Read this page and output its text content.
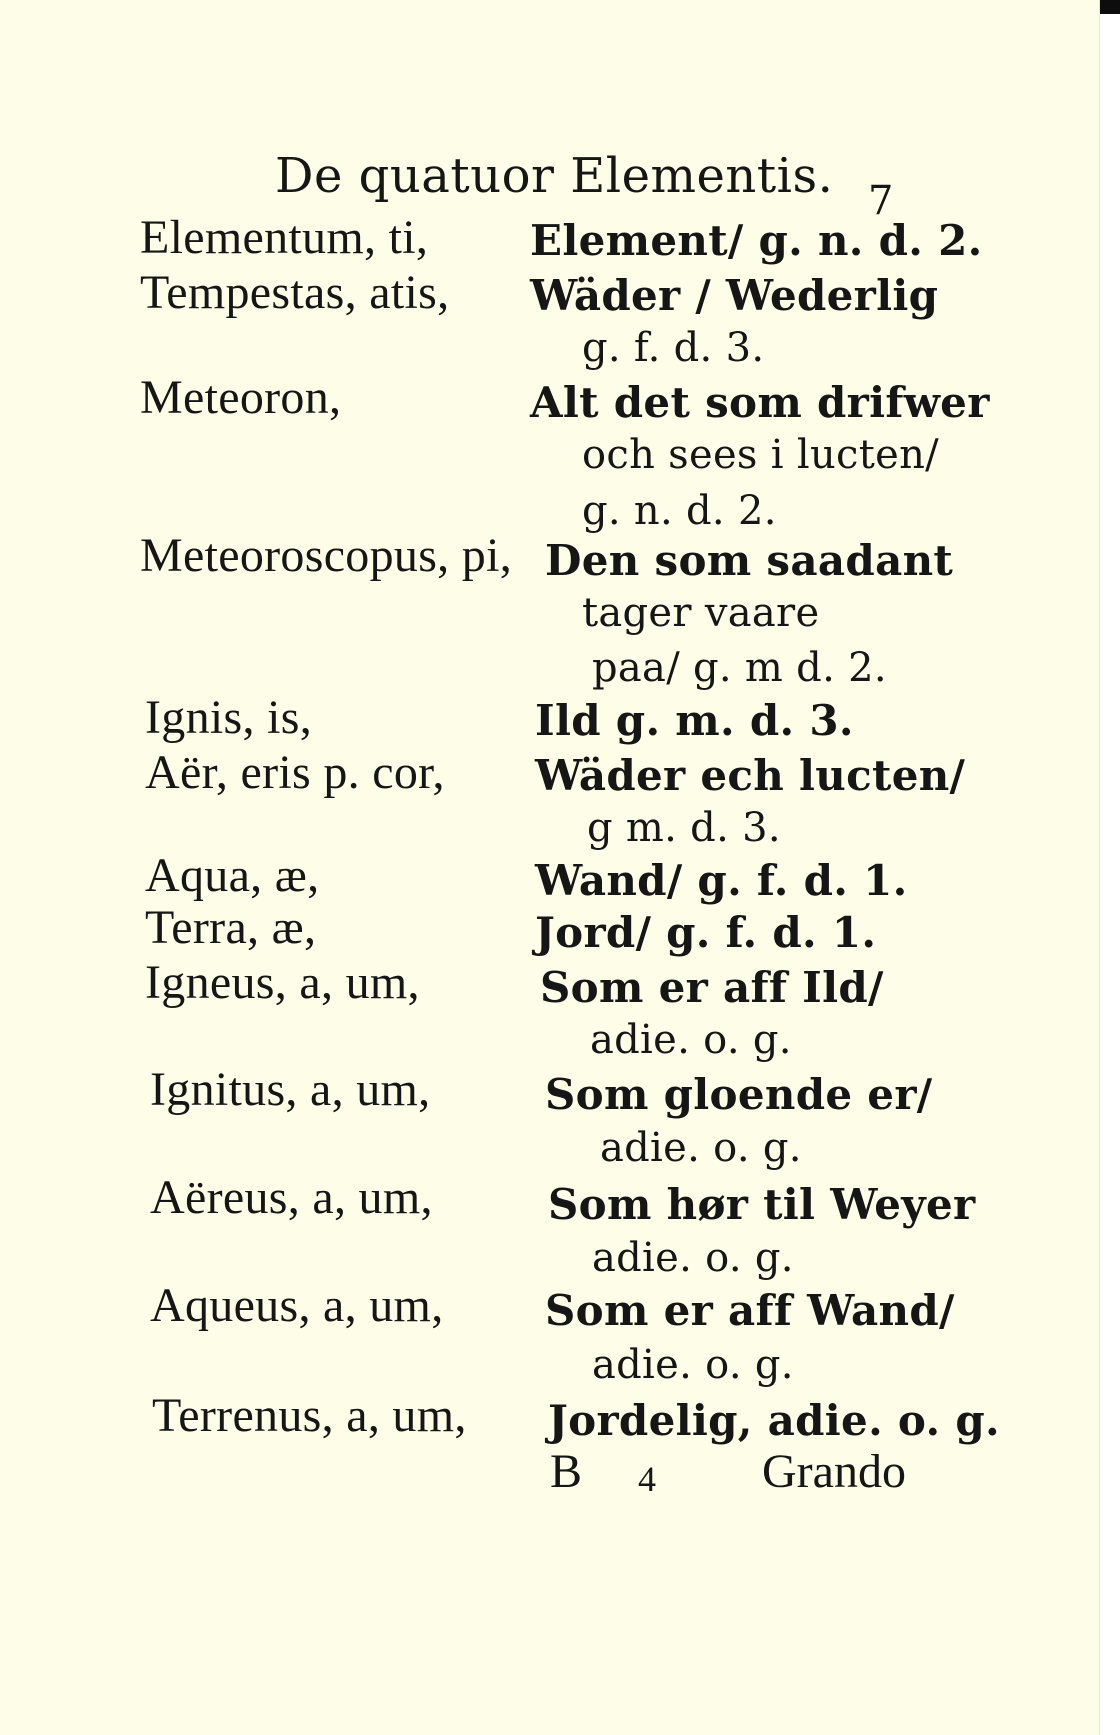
De quatuor Elementis. 7
Elementum, ti, Element/ g. n. d. 2.
Tempestas, atis, Wäder / Wederlig
g. f. d. 3.
Meteoron,	Alt det som drifwer
och sees i lucten/
g. n. d. 2.
Meteoroscopus, pi, Den som saadant
tager vaare
paa/ g. m d. 2.
Ignis, is,	Ild g. m. d. 3.
Aër, eris p. cor, Wäder ech lucten/
g m. d. 3.
Aqua, æ,	Wand/ g. f. d. 1.
Terra, æ,	Jord/ g. f. d. 1.
Igneus, a, um,	Som er aff Ild/
adie. o. g.
Ignitus, a, um,	Som gloende er/
adie. o. g.
Aëreus, a, um,	Som hør til Weyer
adie. o. g.
Aqueus, a, um, Som er aff Wand/
adie. o. g.
Terrenus, a, um, Jordelig, adie. o. g.
B 4 Grando
